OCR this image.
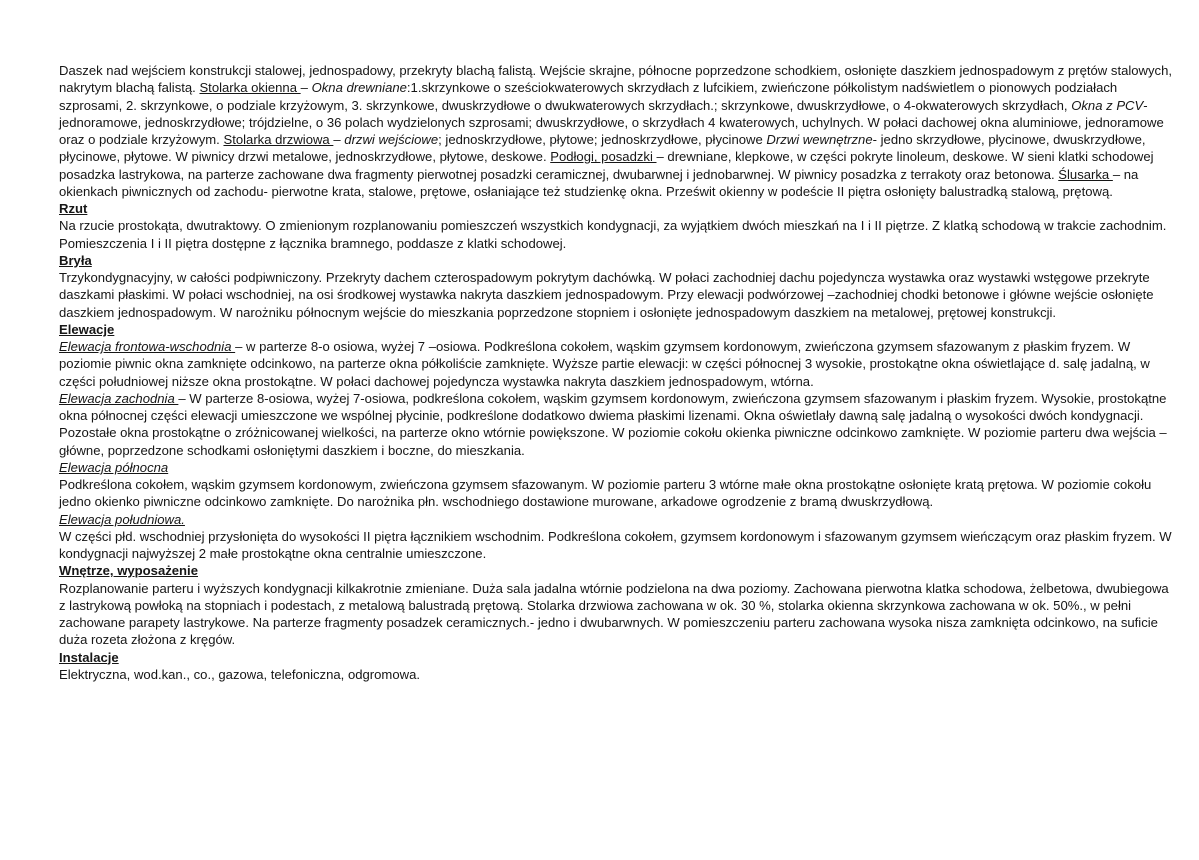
Daszek nad wejściem konstrukcji stalowej, jednospadowy, przekryty blachą falistą. Wejście skrajne, północne poprzedzone schodkiem, osłonięte daszkiem jednospadowym z prętów stalowych, nakrytym blachą falistą. Stolarka okienna – Okna drewniane:1.skrzynkowe o sześciokwaterowych skrzydłach z lufcikiem, zwieńczone półkolistym nadświetlem o pionowych podziałach szprosami, 2. skrzynkowe, o podziale krzyżowym, 3. skrzynkowe, dwuskrzydłowe o dwukwaterowych skrzydłach.; skrzynkowe, dwuskrzydłowe, o 4-okwaterowych skrzydłach, Okna z PCV- jednoramowe, jednoskrzydłowe; trójdzielne, o 36 polach wydzielonych szprosami; dwuskrzydłowe, o skrzydłach 4 kwaterowych, uchylnych. W połaci dachowej okna aluminiowe, jednoramowe oraz o podziale krzyżowym. Stolarka drzwiowa – drzwi wejściowe; jednoskrzydłowe, płytowe; jednoskrzydłowe, płycinowe Drzwi wewnętrzne- jedno skrzydłowe, płycinowe, dwuskrzydłowe, płycinowe, płytowe. W piwnicy drzwi metalowe, jednoskrzydłowe, płytowe, deskowe. Podłogi, posadzki – drewniane, klepkowe, w części pokryte linoleum, deskowe. W sieni klatki schodowej posadzka lastrykowa, na parterze zachowane dwa fragmenty pierwotnej posadzki ceramicznej, dwubarwnej i jednobarwnej. W piwnicy posadzka z terrakoty oraz betonowa. Ślusarka – na okienkach piwnicznych od zachodu- pierwotne krata, stalowe, prętowe, osłaniające też studzienkę okna. Prześwit okienny w podeście II piętra osłonięty balustradką stalową, prętową.
Rzut
Na rzucie prostokąta, dwutraktowy. O zmienionym rozplanowaniu pomieszczeń wszystkich kondygnacji, za wyjątkiem dwóch mieszkań na I i II piętrze. Z klatką schodową w trakcie zachodnim. Pomieszczenia I i II piętra dostępne z łącznika bramnego, poddasze z klatki schodowej.
Bryła
Trzykondygnacyjny, w całości podpiwniczony. Przekryty dachem czterospadowym pokrytym dachówką. W połaci zachodniej dachu pojedyncza wystawka oraz wystawki wstęgowe przekryte daszkami płaskimi. W połaci wschodniej, na osi środkowej wystawka nakryta daszkiem jednospadowym. Przy elewacji podwórzowej –zachodniej chodki betonowe i główne wejście osłonięte daszkiem jednospadowym. W narożniku północnym wejście do mieszkania poprzedzone stopniem i osłonięte jednospadowym daszkiem na metalowej, prętowej konstrukcji.
Elewacje
Elewacja frontowa-wschodnia – w parterze 8-o osiowa, wyżej 7 –osiowa. Podkreślona cokołem, wąskim gzymsem kordonowym, zwieńczona gzymsem sfazowanym z płaskim fryzem. W poziomie piwnic okna zamknięte odcinkowo, na parterze okna półkoliście zamknięte. Wyższe partie elewacji: w części północnej 3 wysokie, prostokątne okna oświetlające d. salę jadalną, w części południowej niższe okna prostokątne. W połaci dachowej pojedyncza wystawka nakryta daszkiem jednospadowym, wtórna.
Elewacja zachodnia – W parterze 8-osiowa, wyżej 7-osiowa, podkreślona cokołem, wąskim gzymsem kordonowym, zwieńczona gzymsem sfazowanym i płaskim fryzem. Wysokie, prostokątne okna północnej części elewacji umieszczone we wspólnej płycinie, podkreślone dodatkowo dwiema płaskimi lizenami. Okna oświetlały dawną salę jadalną o wysokości dwóch kondygnacji. Pozostałe okna prostokątne o zróżnicowanej wielkości, na parterze okno wtórnie powiększone. W poziomie cokołu okienka piwniczne odcinkowo zamknięte. W poziomie parteru dwa wejścia – główne, poprzedzone schodkami osłoniętymi daszkiem i boczne, do mieszkania.
Elewacja północna
Podkreślona cokołem, wąskim gzymsem kordonowym, zwieńczona gzymsem sfazowanym. W poziomie parteru 3 wtórne małe okna prostokątne osłonięte kratą prętowa. W poziomie cokołu jedno okienko piwniczne odcinkowo zamknięte. Do narożnika płn. wschodniego dostawione murowane, arkadowe ogrodzenie z bramą dwuskrzydłową.
Elewacja południowa.
W części płd. wschodniej przysłonięta do wysokości II piętra łącznikiem wschodnim. Podkreślona cokołem, gzymsem kordonowym i sfazowanym gzymsem wieńczącym oraz płaskim fryzem. W kondygnacji najwyższej 2 małe prostokątne okna centralnie umieszczone.
Wnętrze, wyposażenie
Rozplanowanie parteru i wyższych kondygnacji kilkakrotnie zmieniane. Duża sala jadalna wtórnie podzielona na dwa poziomy. Zachowana pierwotna klatka schodowa, żelbetowa, dwubiegowa z lastrykową powłoką na stopniach i podestach, z metalową balustradą prętową. Stolarka drzwiowa zachowana w ok. 30 %, stolarka okienna skrzynkowa zachowana w ok. 50%., w pełni zachowane parapety lastrykowe. Na parterze fragmenty posadzek ceramicznych.- jedno i dwubarwnych. W pomieszczeniu parteru zachowana wysoka nisza zamknięta odcinkowo, na suficie duża rozeta złożona z kręgów.
Instalacje
Elektryczna, wod.kan., co., gazowa, telefoniczna, odgromowa.
